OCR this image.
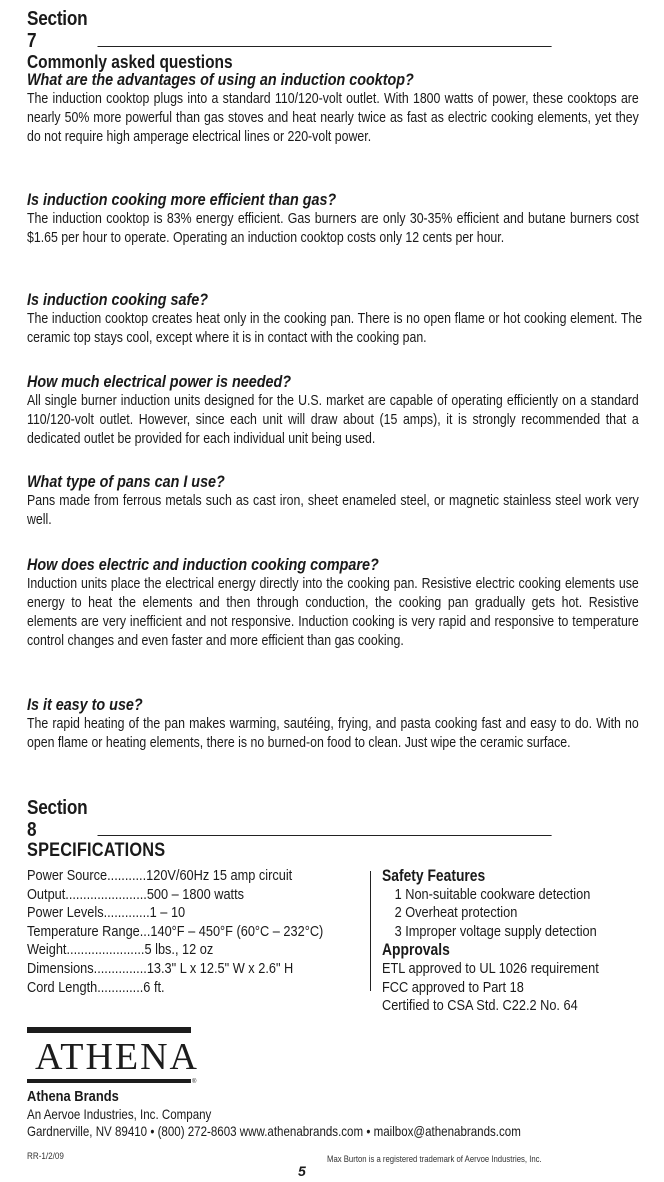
Section 7
Commonly asked questions
What are the advantages of using an induction cooktop?
The induction cooktop plugs into a standard 110/120-volt outlet. With 1800 watts of power, these cooktops are nearly 50% more powerful than gas stoves and heat nearly twice as fast as electric cooking elements, yet they do not require high amperage electrical lines or 220-volt power.
Is induction cooking more efficient than gas?
The induction cooktop is 83% energy efficient. Gas burners are only 30-35% efficient and butane burners cost $1.65 per hour to operate. Operating an induction cooktop costs only 12 cents per hour.
Is induction cooking safe?
The induction cooktop creates heat only in the cooking pan. There is no open flame or hot cooking element. The ceramic top stays cool, except where it is in contact with the cooking pan.
How much electrical power is needed?
All single burner induction units designed for the U.S. market are capable of operating efficiently on a standard 110/120-volt outlet. However, since each unit will draw about (15 amps), it is strongly recommended that a dedicated outlet be provided for each individual unit being used.
What type of pans can I use?
Pans made from ferrous metals such as cast iron, sheet enameled steel, or magnetic stainless steel work very well.
How does electric and induction cooking compare?
Induction units place the electrical energy directly into the cooking pan. Resistive electric cooking elements use energy to heat the elements and then through conduction, the cooking pan gradually gets hot. Resistive elements are very inefficient and not responsive. Induction cooking is very rapid and responsive to temperature control changes and even faster and more efficient than gas cooking.
Is it easy to use?
The rapid heating of the pan makes warming, sautéing, frying, and pasta cooking fast and easy to do. With no open flame or heating elements, there is no burned-on food to clean. Just wipe the ceramic surface.
Section 8
SPECIFICATIONS
Power Source...........120V/60Hz 15 amp circuit
Output.......................500 – 1800 watts
Power Levels.............1 – 10
Temperature Range...140°F – 450°F (60°C – 232°C)
Weight......................5 lbs., 12 oz
Dimensions...............13.3" L x 12.5" W x 2.6" H
Cord Length.............6 ft.
Safety Features
1 Non-suitable cookware detection
2 Overheat protection
3 Improper voltage supply detection
Approvals
ETL approved to UL 1026 requirement
FCC approved to Part 18
Certified to CSA Std. C22.2 No. 64
ATHENA
®
Athena Brands
An Aervoe Industries, Inc. Company
Gardnerville, NV 89410 • (800) 272-8603 www.athenabrands.com • mailbox@athenabrands.com
RR-1/2/09	Max Burton is a registered trademark of Aervoe Industries, Inc.
5
